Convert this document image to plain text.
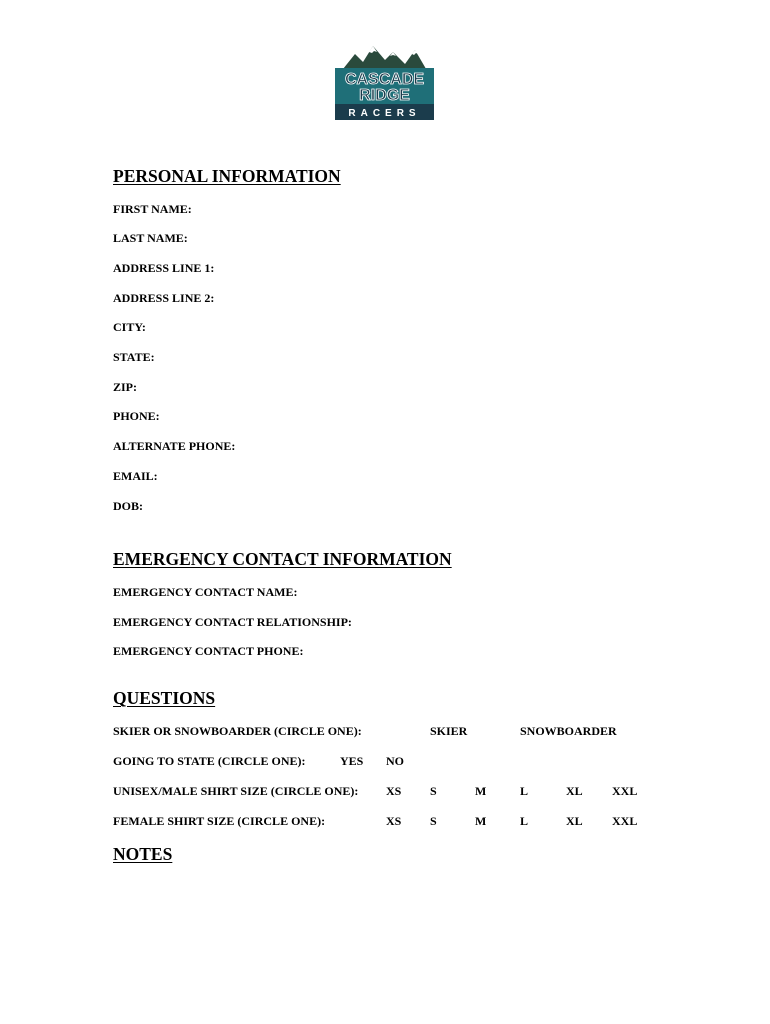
CASCADE
RIDGE
RACERS
PERSONAL INFORMATION
FIRST NAME:
LAST NAME:
ADDRESS LINE 1:
ADDRESS LINE 2:
CITY:
STATE:
ZIP:
PHONE:
ALTERNATE PHONE:
EMAIL:
DOB:
EMERGENCY CONTACT INFORMATION
EMERGENCY CONTACT NAME:
EMERGENCY CONTACT RELATIONSHIP:
EMERGENCY CONTACT PHONE:
QUESTIONS
SKIER OR SNOWBOARDER (CIRCLE ONE):	SKIER	SNOWBOARDER
GOING TO STATE (CIRCLE ONE):	YES NO
UNISEX/MALE SHIRT SIZE (CIRCLE ONE): XS S	M	L	XL XXL
FEMALE SHIRT SIZE (CIRCLE ONE):	XS S	M	L	XL XXL
NOTES
